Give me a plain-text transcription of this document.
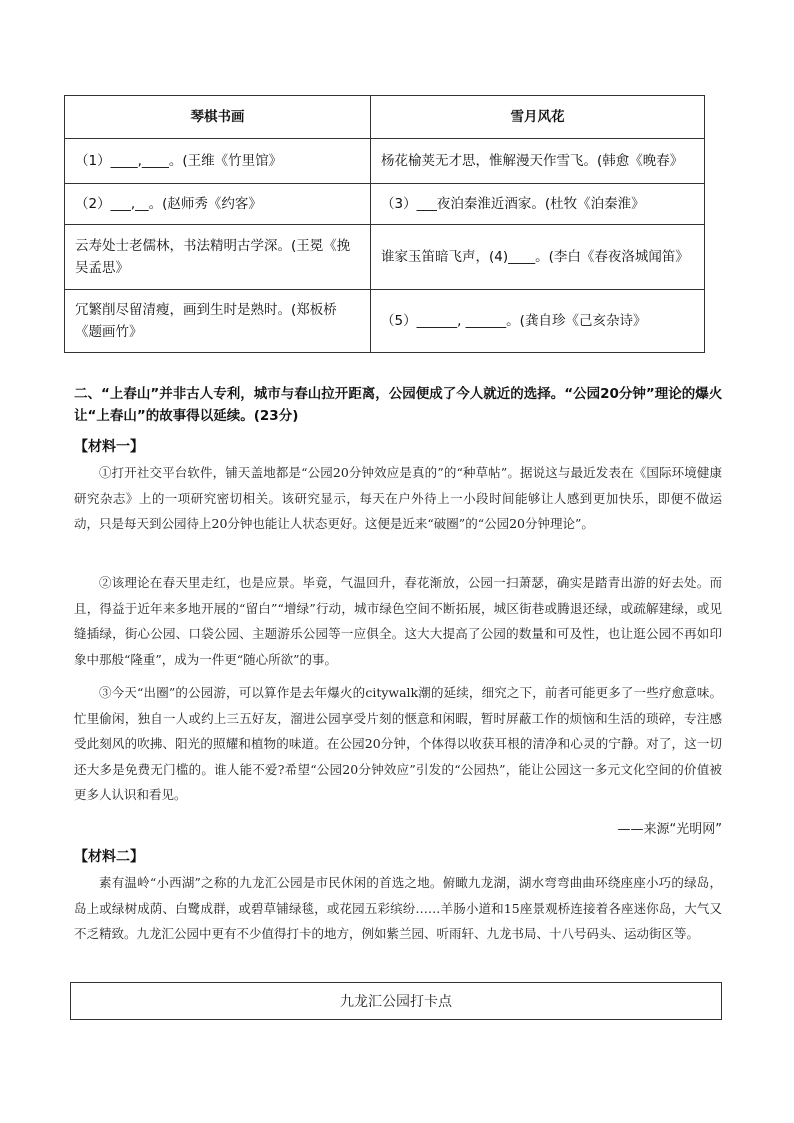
琴棋书画	雪月风花
（1）____,____。(王维《竹里馆》	杨花榆荚无才思，惟解漫天作雪飞。(韩愈《晚春》
（2）___,__。(赵师秀《约客》	（3）___夜泊秦淮近酒家。(杜牧《泊秦淮》
云寿处士老儒林，书法精明古学深。(王冕《挽吴孟思》	谁家玉笛暗飞声，(4)____。(李白《春夜洛城闻笛》
冗繁削尽留清瘦，画到生时是熟时。(郑板桥《题画竹》	（5）______, ______。(龚自珍《己亥杂诗》

二、“上春山”并非古人专利，城市与春山拉开距离，公园便成了今人就近的选择。“公园20分钟”理论的爆火让“上春山”的故事得以延续。(23分)

【材料一】

①打开社交平台软件，铺天盖地都是“公园20分钟效应是真的”的“种草帖”。据说这与最近发表在《国际环境健康研究杂志》上的一项研究密切相关。该研究显示，每天在户外待上一小段时间能够让人感到更加快乐，即便不做运动，只是每天到公园待上20分钟也能让人状态更好。这便是近来“破圈”的“公园20分钟理论”。

②该理论在春天里走红，也是应景。毕竟，气温回升，春花渐放，公园一扫萧瑟，确实是踏青出游的好去处。而且，得益于近年来多地开展的“留白”“增绿”行动，城市绿色空间不断拓展，城区街巷或腾退还绿，或疏解建绿，或见缝插绿，街心公园、口袋公园、主题游乐公园等一应俱全。这大大提高了公园的数量和可及性，也让逛公园不再如印象中那般“隆重”，成为一件更“随心所欲”的事。

③今天“出圈”的公园游，可以算作是去年爆火的citywalk潮的延续，细究之下，前者可能更多了一些疗愈意味。忙里偷闲，独自一人或约上三五好友，溜进公园享受片刻的惬意和闲暇，暂时屏蔽工作的烦恼和生活的琐碎，专注感受此刻风的吹拂、阳光的照耀和植物的味道。在公园20分钟，个体得以收获耳根的清净和心灵的宁静。对了，这一切还大多是免费无门槛的。谁人能不爱?希望“公园20分钟效应”引发的“公园热”，能让公园这一多元文化空间的价值被更多人认识和看见。

——来源“光明网”

【材料二】

素有温岭“小西湖”之称的九龙汇公园是市民休闲的首选之地。俯瞰九龙湖，湖水弯弯曲曲环绕座座小巧的绿岛，岛上或绿树成荫、白鹭成群，或碧草铺绿毯，或花园五彩缤纷……羊肠小道和15座景观桥连接着各座迷你岛，大气又不乏精致。九龙汇公园中更有不少值得打卡的地方，例如紫兰园、听雨轩、九龙书局、十八号码头、运动街区等。

九龙汇公园打卡点
